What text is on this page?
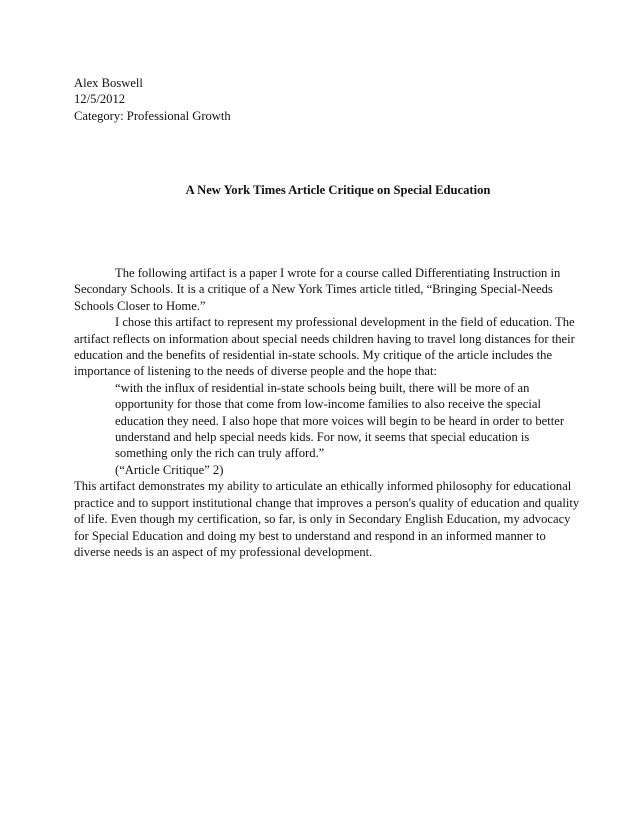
Alex Boswell
12/5/2012
Category: Professional Growth
A New York Times Article Critique on Special Education

The following artifact is a paper I wrote for a course called Differentiating Instruction in Secondary Schools. It is a critique of a New York Times article titled, “Bringing Special-Needs Schools Closer to Home.”

I chose this artifact to represent my professional development in the field of education. The artifact reflects on information about special needs children having to travel long distances for their education and the benefits of residential in-state schools. My critique of the article includes the importance of listening to the needs of diverse people and the hope that:

“with the influx of residential in-state schools being built, there will be more of an opportunity for those that come from low-income families to also receive the special education they need. I also hope that more voices will begin to be heard in order to better understand and help special needs kids. For now, it seems that special education is something only the rich can truly afford.”

(“Article Critique” 2)

This artifact demonstrates my ability to articulate an ethically informed philosophy for educational practice and to support institutional change that improves a person's quality of education and quality of life. Even though my certification, so far, is only in Secondary English Education, my advocacy for Special Education and doing my best to understand and respond in an informed manner to diverse needs is an aspect of my professional development.
